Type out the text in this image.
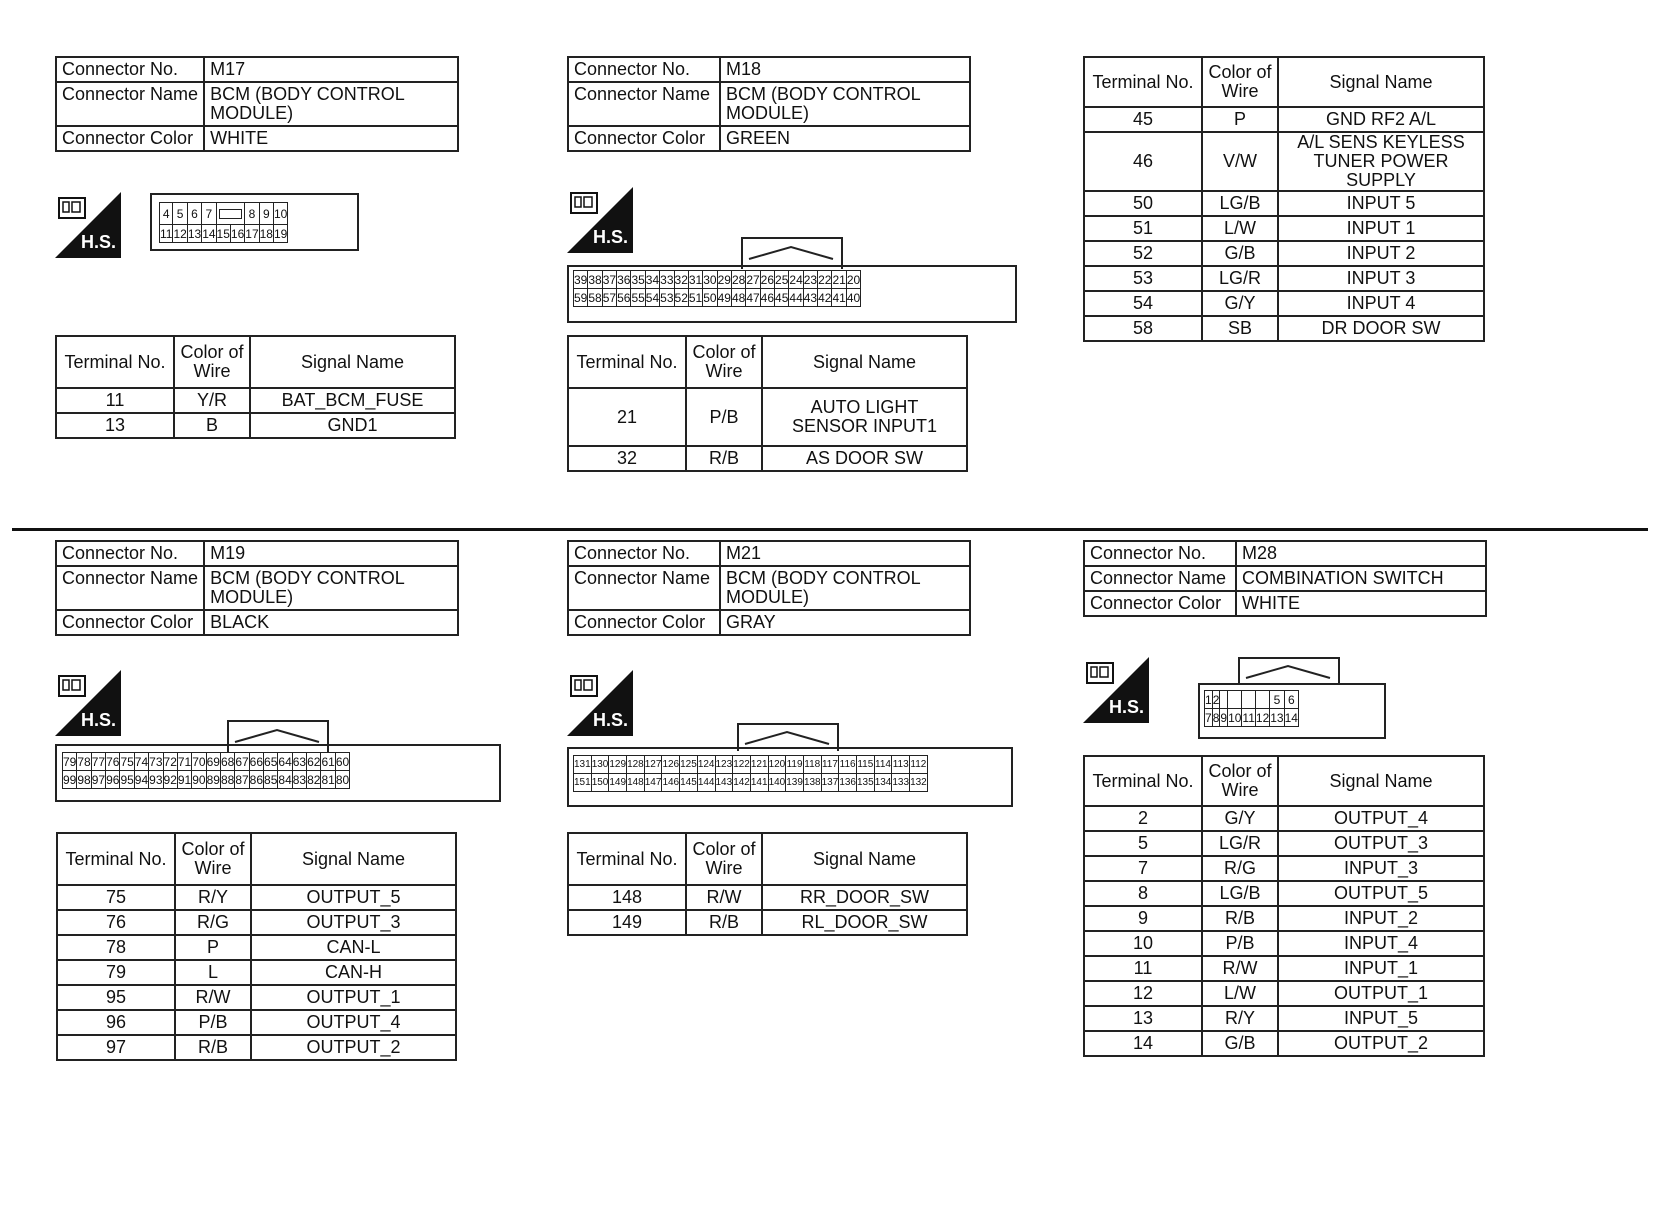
Connector No.	M17
Connector Name	BCM (BODY CONTROL MODULE)
Connector Color	WHITE
H.S.
4	5	6	7			8	9	10
11	12	13	14	15	16	17	18	19
Terminal No.	Color of Wire	Signal Name
11	Y/R	BAT_BCM_FUSE
13	B	GND1
Connector No.	M18
Connector Name	BCM (BODY CONTROL MODULE)
Connector Color	GREEN
H.S.
39	38	37	36	35	34	33	32	31	30	29	28	27	26	25	24	23	22	21	20
59	58	57	56	55	54	53	52	51	50	49	48	47	46	45	44	43	42	41	40
Terminal No.	Color of Wire	Signal Name
21	P/B	AUTO LIGHT SENSOR INPUT1
32	R/B	AS DOOR SW
Terminal No.	Color of Wire	Signal Name
45	P	GND RF2 A/L
46	V/W	A/L SENS KEYLESS TUNER POWER SUPPLY
50	LG/B	INPUT 5
51	L/W	INPUT 1
52	G/B	INPUT 2
53	LG/R	INPUT 3
54	G/Y	INPUT 4
58	SB	DR DOOR SW
Connector No.	M19
Connector Name	BCM (BODY CONTROL MODULE)
Connector Color	BLACK
H.S.
79	78	77	76	75	74	73	72	71	70	69	68	67	66	65	64	63	62	61	60
99	98	97	96	95	94	93	92	91	90	89	88	87	86	85	84	83	82	81	80
Terminal No.	Color of Wire	Signal Name
75	R/Y	OUTPUT_5
76	R/G	OUTPUT_3
78	P	CAN-L
79	L	CAN-H
95	R/W	OUTPUT_1
96	P/B	OUTPUT_4
97	R/B	OUTPUT_2
Connector No.	M21
Connector Name	BCM (BODY CONTROL MODULE)
Connector Color	GRAY
H.S.
131	130	129	128	127	126	125	124	123	122	121	120	119	118	117	116	115	114	113	112
151	150	149	148	147	146	145	144	143	142	141	140	139	138	137	136	135	134	133	132
Terminal No.	Color of Wire	Signal Name
148	R/W	RR_DOOR_SW
149	R/B	RL_DOOR_SW
Connector No.	M28
Connector Name	COMBINATION SWITCH
Connector Color	WHITE
H.S.	1	2					5	6
7	8	9	10	11	12	13	14
Terminal No.	Color of Wire	Signal Name
2	G/Y	OUTPUT_4
5	LG/R	OUTPUT_3
7	R/G	INPUT_3
8	LG/B	OUTPUT_5
9	R/B	INPUT_2
10	P/B	INPUT_4
11	R/W	INPUT_1
12	L/W	OUTPUT_1
13	R/Y	INPUT_5
14	G/B	OUTPUT_2
